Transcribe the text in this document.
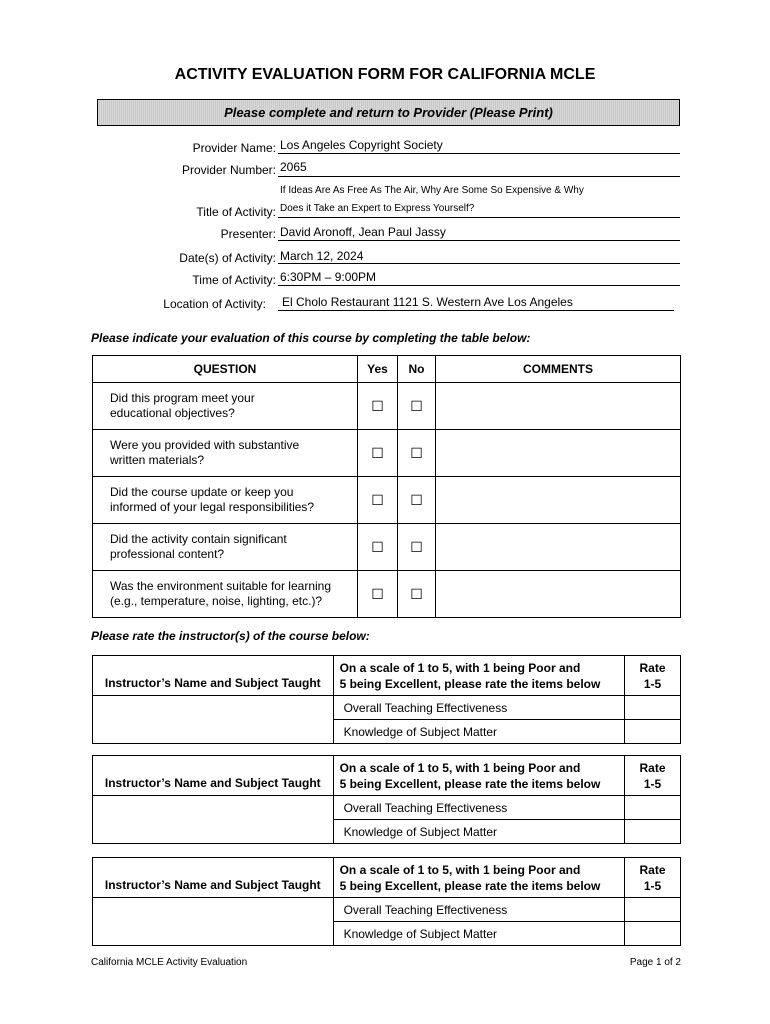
ACTIVITY EVALUATION FORM FOR CALIFORNIA MCLE
Please complete and return to Provider (Please Print)
Provider Name: Los Angeles Copyright Society
Provider Number: 2065
If Ideas Are As Free As The Air, Why Are Some So Expensive & Why
Title of Activity: Does it Take an Expert to Express Yourself?
Presenter: David Aronoff, Jean Paul Jassy
Date(s) of Activity: March 12, 2024
Time of Activity: 6:30PM – 9:00PM
Location of Activity:	El Cholo Restaurant 1121 S. Western Ave Los Angeles
Please indicate your evaluation of this course by completing the table below:
QUESTION	Yes	No	COMMENTS
Did this program meet your
educational objectives?	☐	☐	
Were you provided with substantive
written materials?	☐	☐	
Did the course update or keep you
informed of your legal responsibilities?	☐	☐	
Did the activity contain significant
professional content?	☐	☐	
Was the environment suitable for learning
(e.g., temperature, noise, lighting, etc.)?	☐	☐	
Please rate the instructor(s) of the course below:
Instructor’s Name and Subject Taught	On a scale of 1 to 5, with 1 being Poor and
5 being Excellent, please rate the items below	Rate
1-5
	Overall Teaching Effectiveness	
	Knowledge of Subject Matter	
Instructor’s Name and Subject Taught	On a scale of 1 to 5, with 1 being Poor and
5 being Excellent, please rate the items below	Rate
1-5
	Overall Teaching Effectiveness	
	Knowledge of Subject Matter	
Instructor’s Name and Subject Taught	On a scale of 1 to 5, with 1 being Poor and
5 being Excellent, please rate the items below	Rate
1-5
	Overall Teaching Effectiveness	
	Knowledge of Subject Matter	
California MCLE Activity Evaluation	Page 1 of 2
